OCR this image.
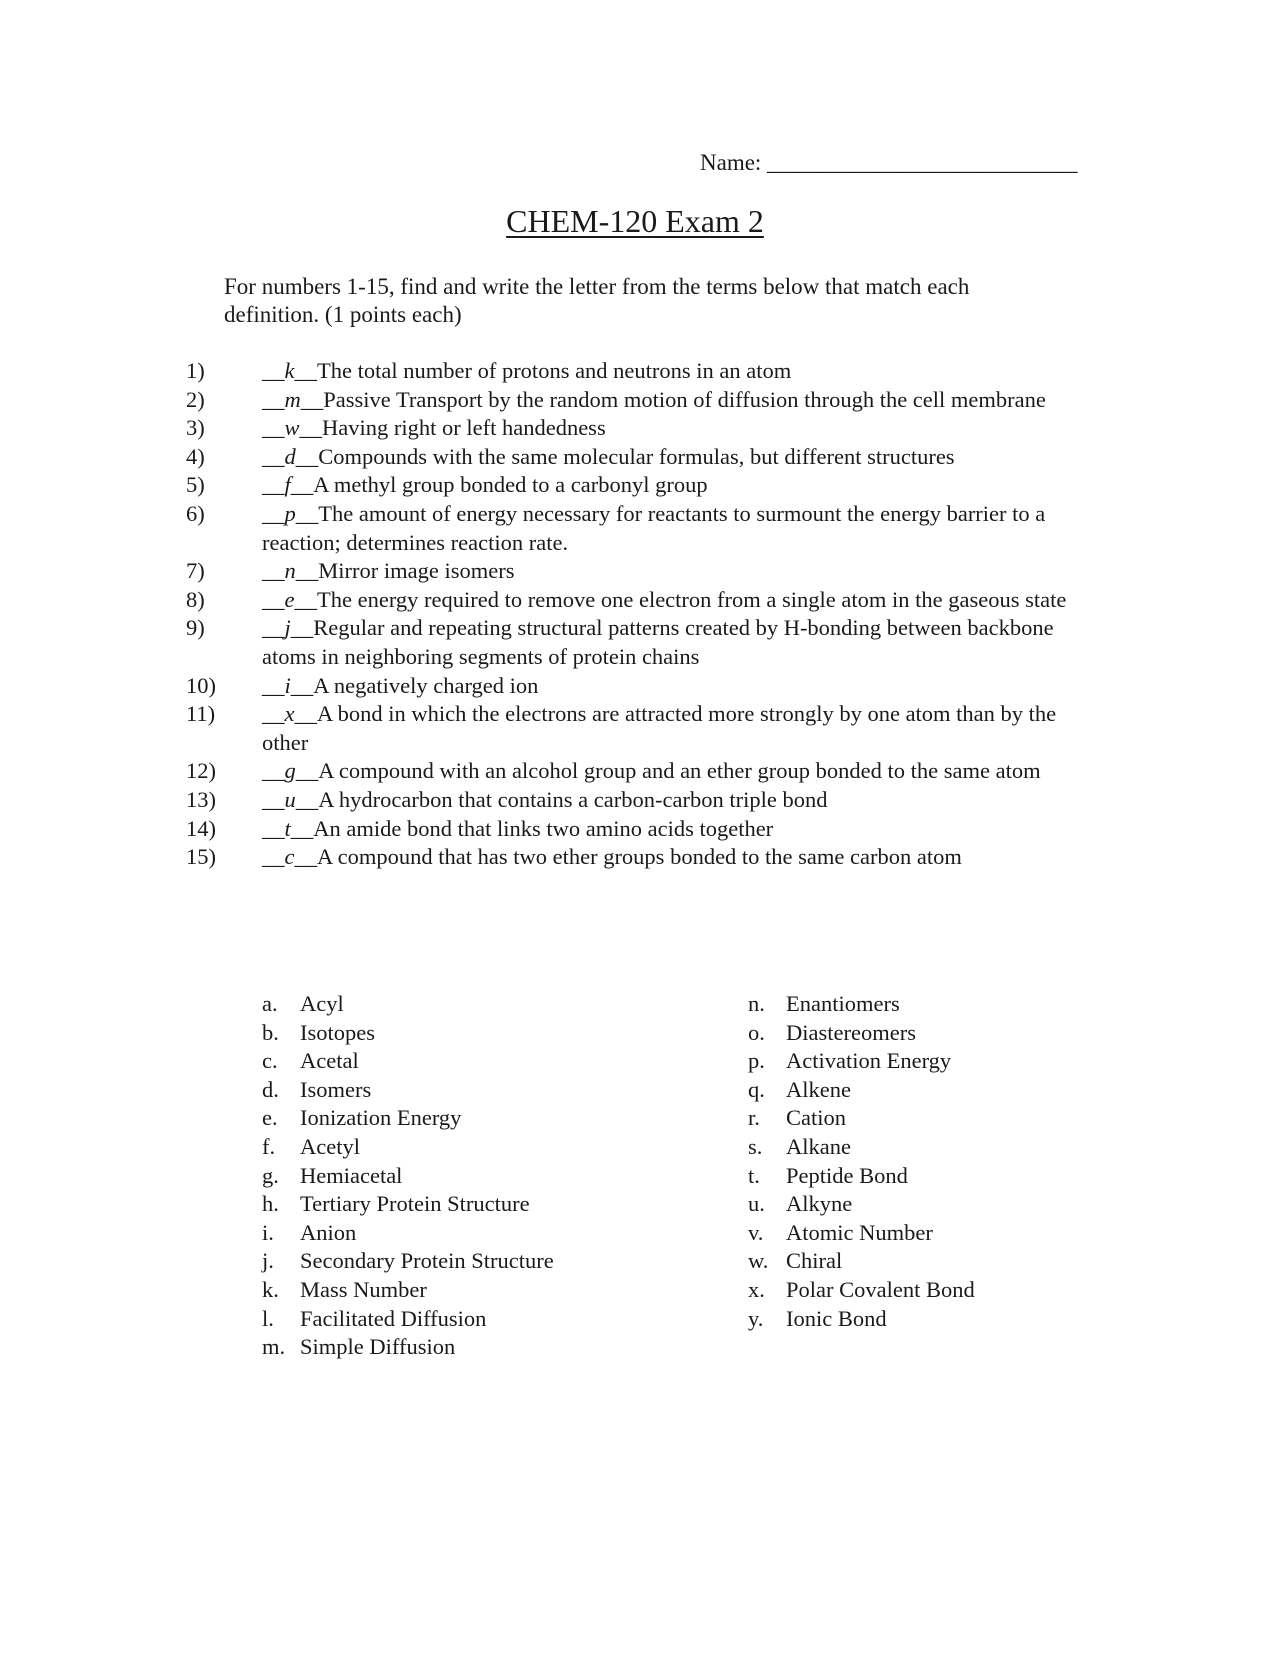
Name: ___________________________
CHEM-120 Exam 2
For numbers 1-15, find and write the letter from the terms below that match each definition. (1 points each)
1)	__k__The total number of protons and neutrons in an atom
2)	__m__Passive Transport by the random motion of diffusion through the cell membrane
3)	__w__Having right or left handedness
4)	__d__Compounds with the same molecular formulas, but different structures
5)	__f__A methyl group bonded to a carbonyl group
6)	__p__The amount of energy necessary for reactants to surmount the energy barrier to a reaction; determines reaction rate.
7)	__n__Mirror image isomers
8)	__e__The energy required to remove one electron from a single atom in the gaseous state
9)	__j__Regular and repeating structural patterns created by H-bonding between backbone atoms in neighboring segments of protein chains
10) __i__A negatively charged ion
11) __x__A bond in which the electrons are attracted more strongly by one atom than by the other
12) __g__A compound with an alcohol group and an ether group bonded to the same atom
13) __u__A hydrocarbon that contains a carbon-carbon triple bond
14) __t__An amide bond that links two amino acids together
15) __c__A compound that has two ether groups bonded to the same carbon atom
a. Acyl
b. Isotopes
c. Acetal
d. Isomers
e. Ionization Energy
f. Acetyl
g. Hemiacetal
h. Tertiary Protein Structure
i. Anion
j. Secondary Protein Structure
k. Mass Number
l. Facilitated Diffusion
m. Simple Diffusion
n. Enantiomers
o. Diastereomers
p. Activation Energy
q. Alkene
r. Cation
s. Alkane
t. Peptide Bond
u. Alkyne
v. Atomic Number
w. Chiral
x. Polar Covalent Bond
y. Ionic Bond
